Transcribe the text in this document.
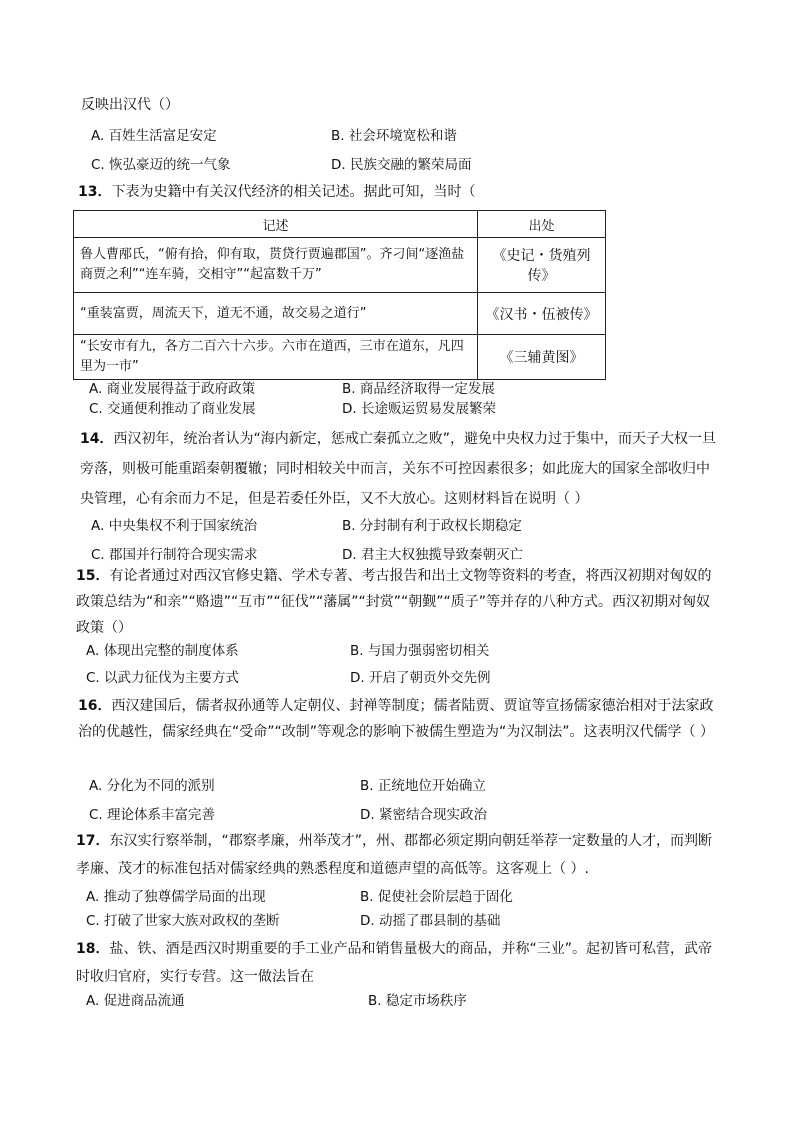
反映出汉代（）
A. 百姓生活富足安定	B. 社会环境宽松和谐
C. 恢弘豪迈的统一气象	D. 民族交融的繁荣局面
13．下表为史籍中有关汉代经济的相关记述。据此可知，当时（
记述	出处
鲁人曹邴氏，“俯有拾，仰有取，贳贷行贾遍郡国”。齐刁间“逐渔盐商贾之利”“连车骑，交相守”“起富数千万”	《史记・货殖列传》
“重装富贾，周流天下，道无不通，故交易之道行”	《汉书・伍被传》
“长安市有九，各方二百六十六步。六市在道西，三市在道东，凡四里为一市”	《三辅黄图》
A. 商业发展得益于政府政策	B. 商品经济取得一定发展
C. 交通便利推动了商业发展	D. 长途贩运贸易发展繁荣
14．西汉初年，统治者认为“海内新定，惩戒亡秦孤立之败”，避免中央权力过于集中，而天子大权一旦旁落，则极可能重蹈秦朝覆辙；同时相较关中而言，关东不可控因素很多；如此庞大的国家全部收归中央管理，心有余而力不足，但是若委任外臣，又不大放心。这则材料旨在说明（ ）
A. 中央集权不利于国家统治	B. 分封制有利于政权长期稳定
C. 郡国并行制符合现实需求	D. 君主大权独揽导致秦朝灭亡
15．有论者通过对西汉官修史籍、学术专著、考古报告和出土文物等资料的考查，将西汉初期对匈奴的政策总结为“和亲”“赂遗”“互市”“征伐”“藩属”“封赏”“朝觐”“质子”等并存的八种方式。西汉初期对匈奴政策（）
A. 体现出完整的制度体系	B. 与国力强弱密切相关
C. 以武力征伐为主要方式	D. 开启了朝贡外交先例
16．西汉建国后，儒者叔孙通等人定朝仪、封禅等制度；儒者陆贾、贾谊等宣扬儒家德治相对于法家政治的优越性，儒家经典在“受命”“改制”等观念的影响下被儒生塑造为“为汉制法”。这表明汉代儒学（ ）
A. 分化为不同的派别	B. 正统地位开始确立
C. 理论体系丰富完善	D. 紧密结合现实政治
17．东汉实行察举制，“郡察孝廉，州举茂才”，州、郡都必须定期向朝廷举荐一定数量的人才，而判断孝廉、茂才的标准包括对儒家经典的熟悉程度和道德声望的高低等。这客观上（ ）.
A. 推动了独尊儒学局面的出现	B. 促使社会阶层趋于固化
C. 打破了世家大族对政权的垄断	D. 动摇了郡县制的基础
18．盐、铁、酒是西汉时期重要的手工业产品和销售量极大的商品，并称“三业”。起初皆可私营，武帝时收归官府，实行专营。这一做法旨在
A. 促进商品流通	B. 稳定市场秩序
